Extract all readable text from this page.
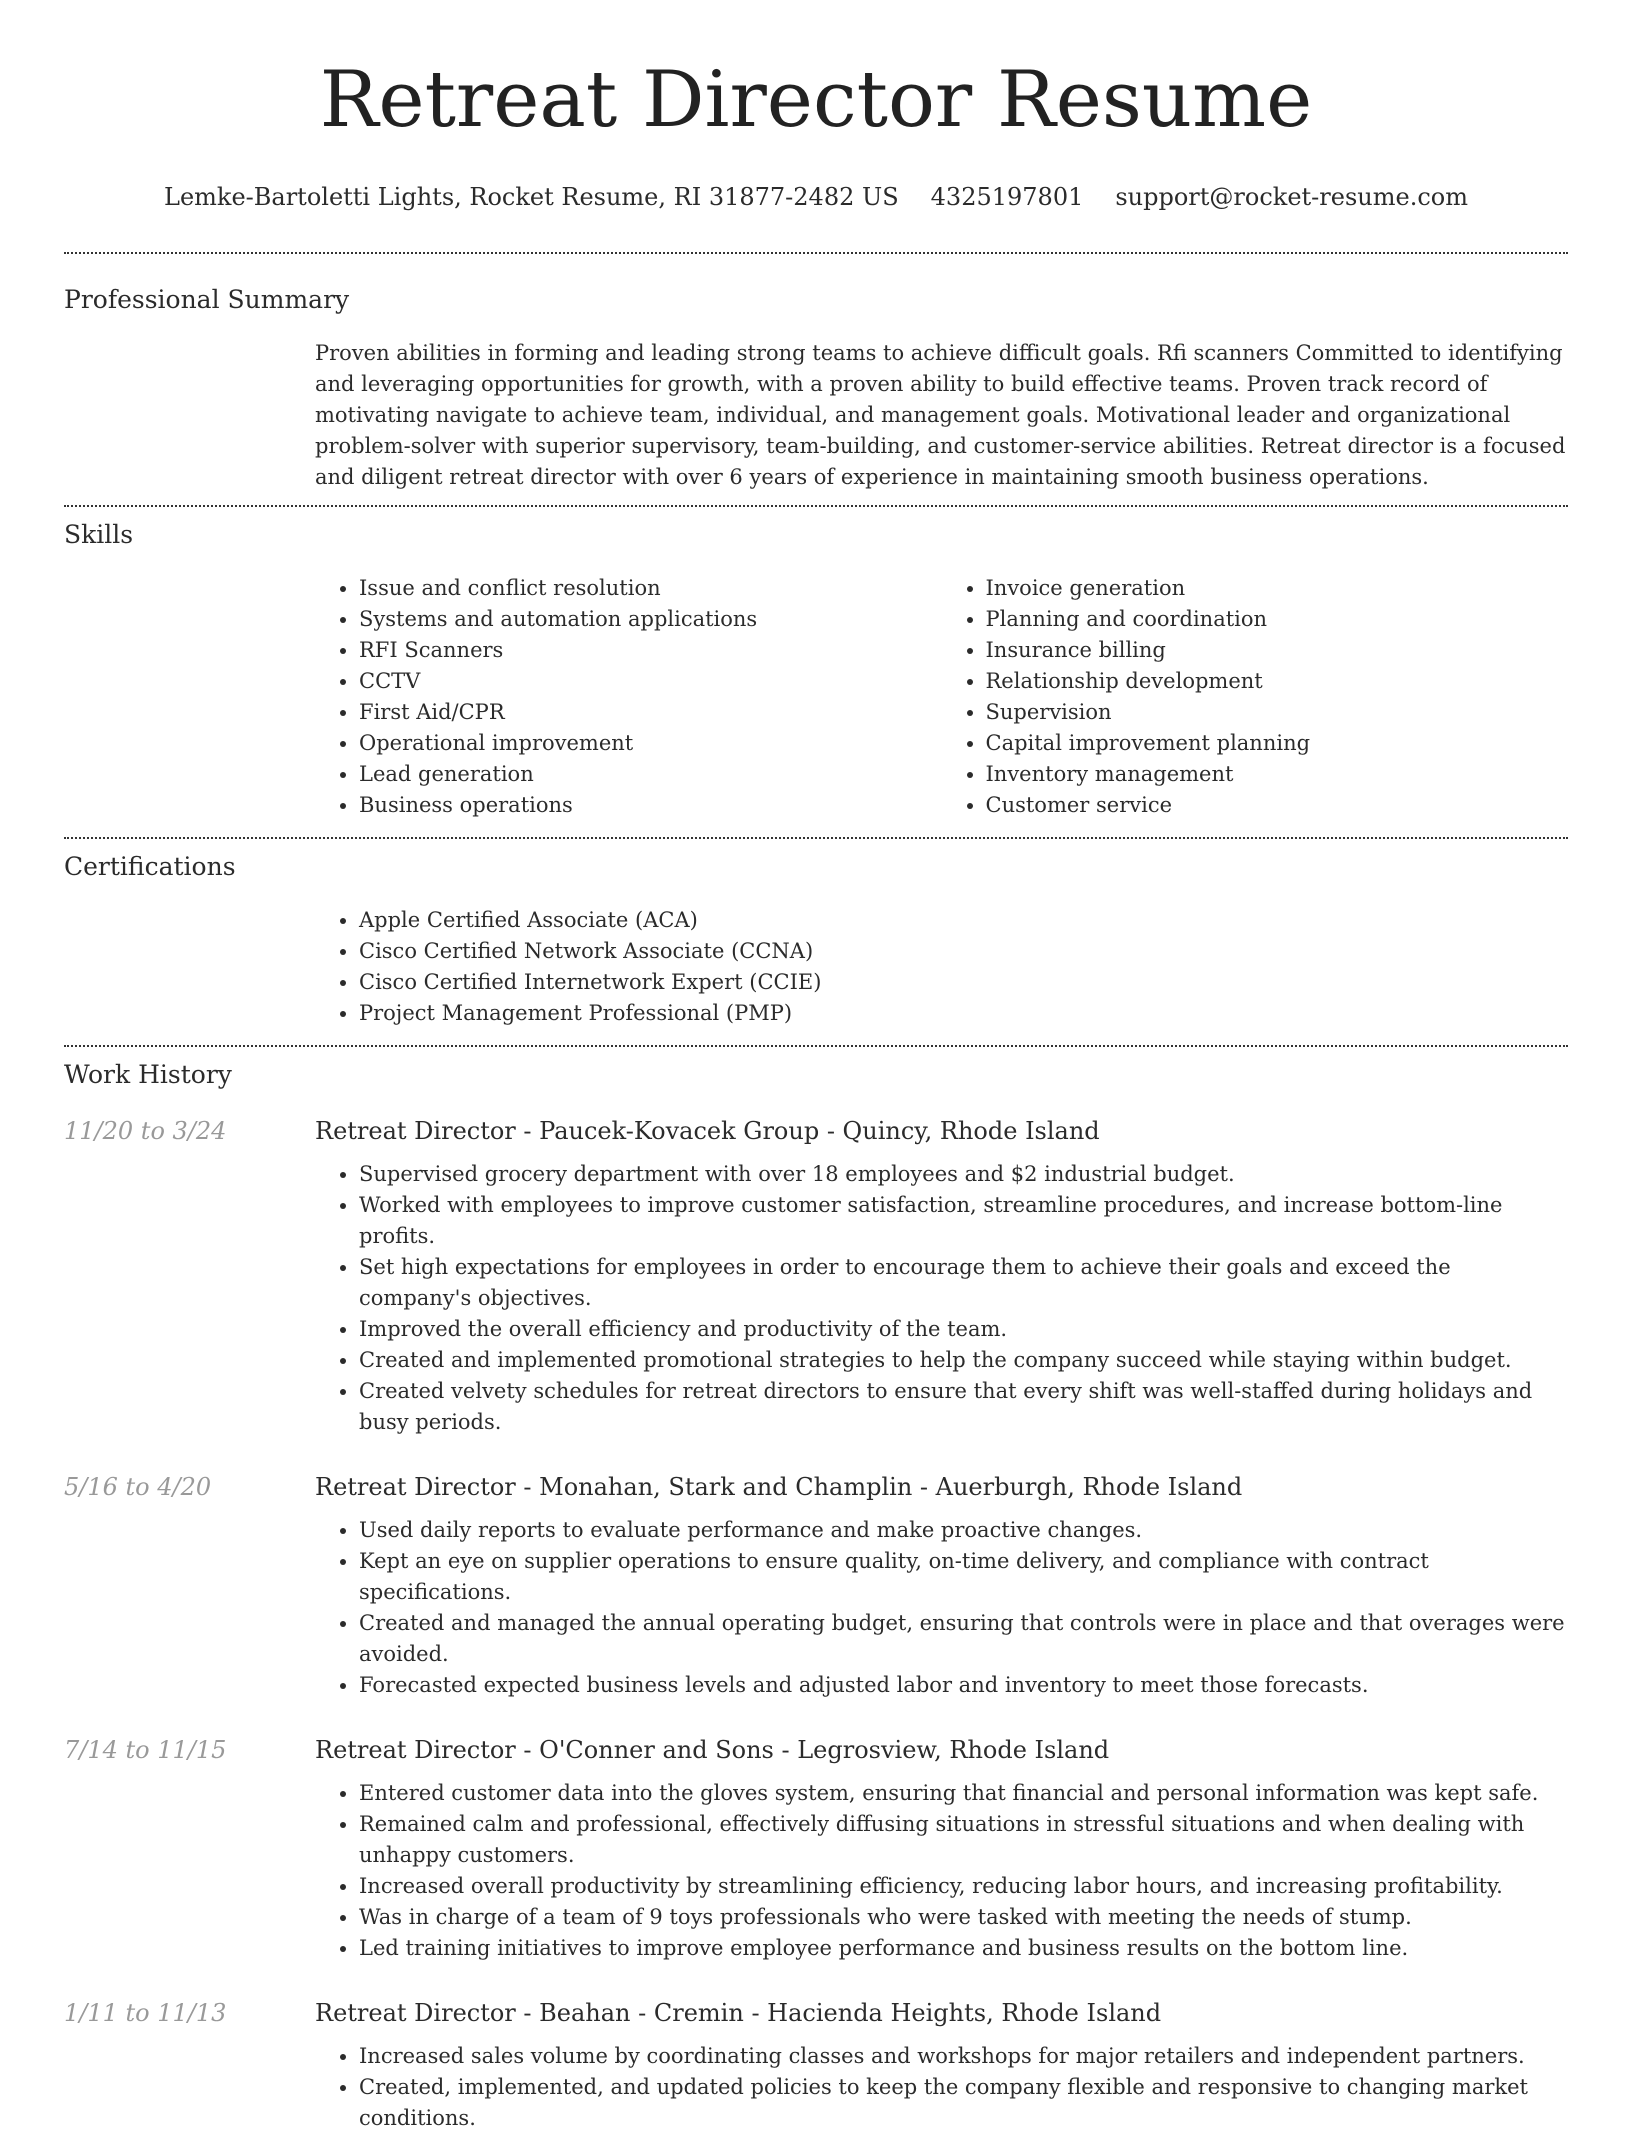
Retreat Director Resume
Lemke-Bartoletti Lights, Rocket Resume, RI 31877-2482 US 4325197801 support@rocket-resume.com
Professional Summary

Proven abilities in forming and leading strong teams to achieve difficult goals. Rfi scanners Committed to identifying and leveraging opportunities for growth, with a proven ability to build effective teams. Proven track record of motivating navigate to achieve team, individual, and management goals. Motivational leader and organizational problem-solver with superior supervisory, team-building, and customer-service abilities. Retreat director is a focused and diligent retreat director with over 6 years of experience in maintaining smooth business operations.

Skills
• Issue and conflict resolution
• Systems and automation applications
• RFI Scanners
• CCTV
• First Aid/CPR
• Operational improvement
• Lead generation
• Business operations
• Invoice generation
• Planning and coordination
• Insurance billing
• Relationship development
• Supervision
• Capital improvement planning
• Inventory management
• Customer service
Certifications
• Apple Certified Associate (ACA)
• Cisco Certified Network Associate (CCNA)
• Cisco Certified Internetwork Expert (CCIE)
• Project Management Professional (PMP)
Work History
11/20 to 3/24	Retreat Director - Paucek-Kovacek Group - Quincy, Rhode Island
• Supervised grocery department with over 18 employees and $2 industrial budget.
• Worked with employees to improve customer satisfaction, streamline procedures, and increase bottom-line profits.
• Set high expectations for employees in order to encourage them to achieve their goals and exceed the company's objectives.
• Improved the overall efficiency and productivity of the team.
• Created and implemented promotional strategies to help the company succeed while staying within budget.
• Created velvety schedules for retreat directors to ensure that every shift was well-staffed during holidays and busy periods.
5/16 to 4/20	Retreat Director - Monahan, Stark and Champlin - Auerburgh, Rhode Island
• Used daily reports to evaluate performance and make proactive changes.
• Kept an eye on supplier operations to ensure quality, on-time delivery, and compliance with contract specifications.
• Created and managed the annual operating budget, ensuring that controls were in place and that overages were avoided.
• Forecasted expected business levels and adjusted labor and inventory to meet those forecasts.
7/14 to 11/15	Retreat Director - O'Conner and Sons - Legrosview, Rhode Island
• Entered customer data into the gloves system, ensuring that financial and personal information was kept safe.
• Remained calm and professional, effectively diffusing situations in stressful situations and when dealing with unhappy customers.
• Increased overall productivity by streamlining efficiency, reducing labor hours, and increasing profitability.
• Was in charge of a team of 9 toys professionals who were tasked with meeting the needs of stump.
• Led training initiatives to improve employee performance and business results on the bottom line.
1/11 to 11/13	Retreat Director - Beahan - Cremin - Hacienda Heights, Rhode Island
• Increased sales volume by coordinating classes and workshops for major retailers and independent partners.
• Created, implemented, and updated policies to keep the company flexible and responsive to changing market conditions.
